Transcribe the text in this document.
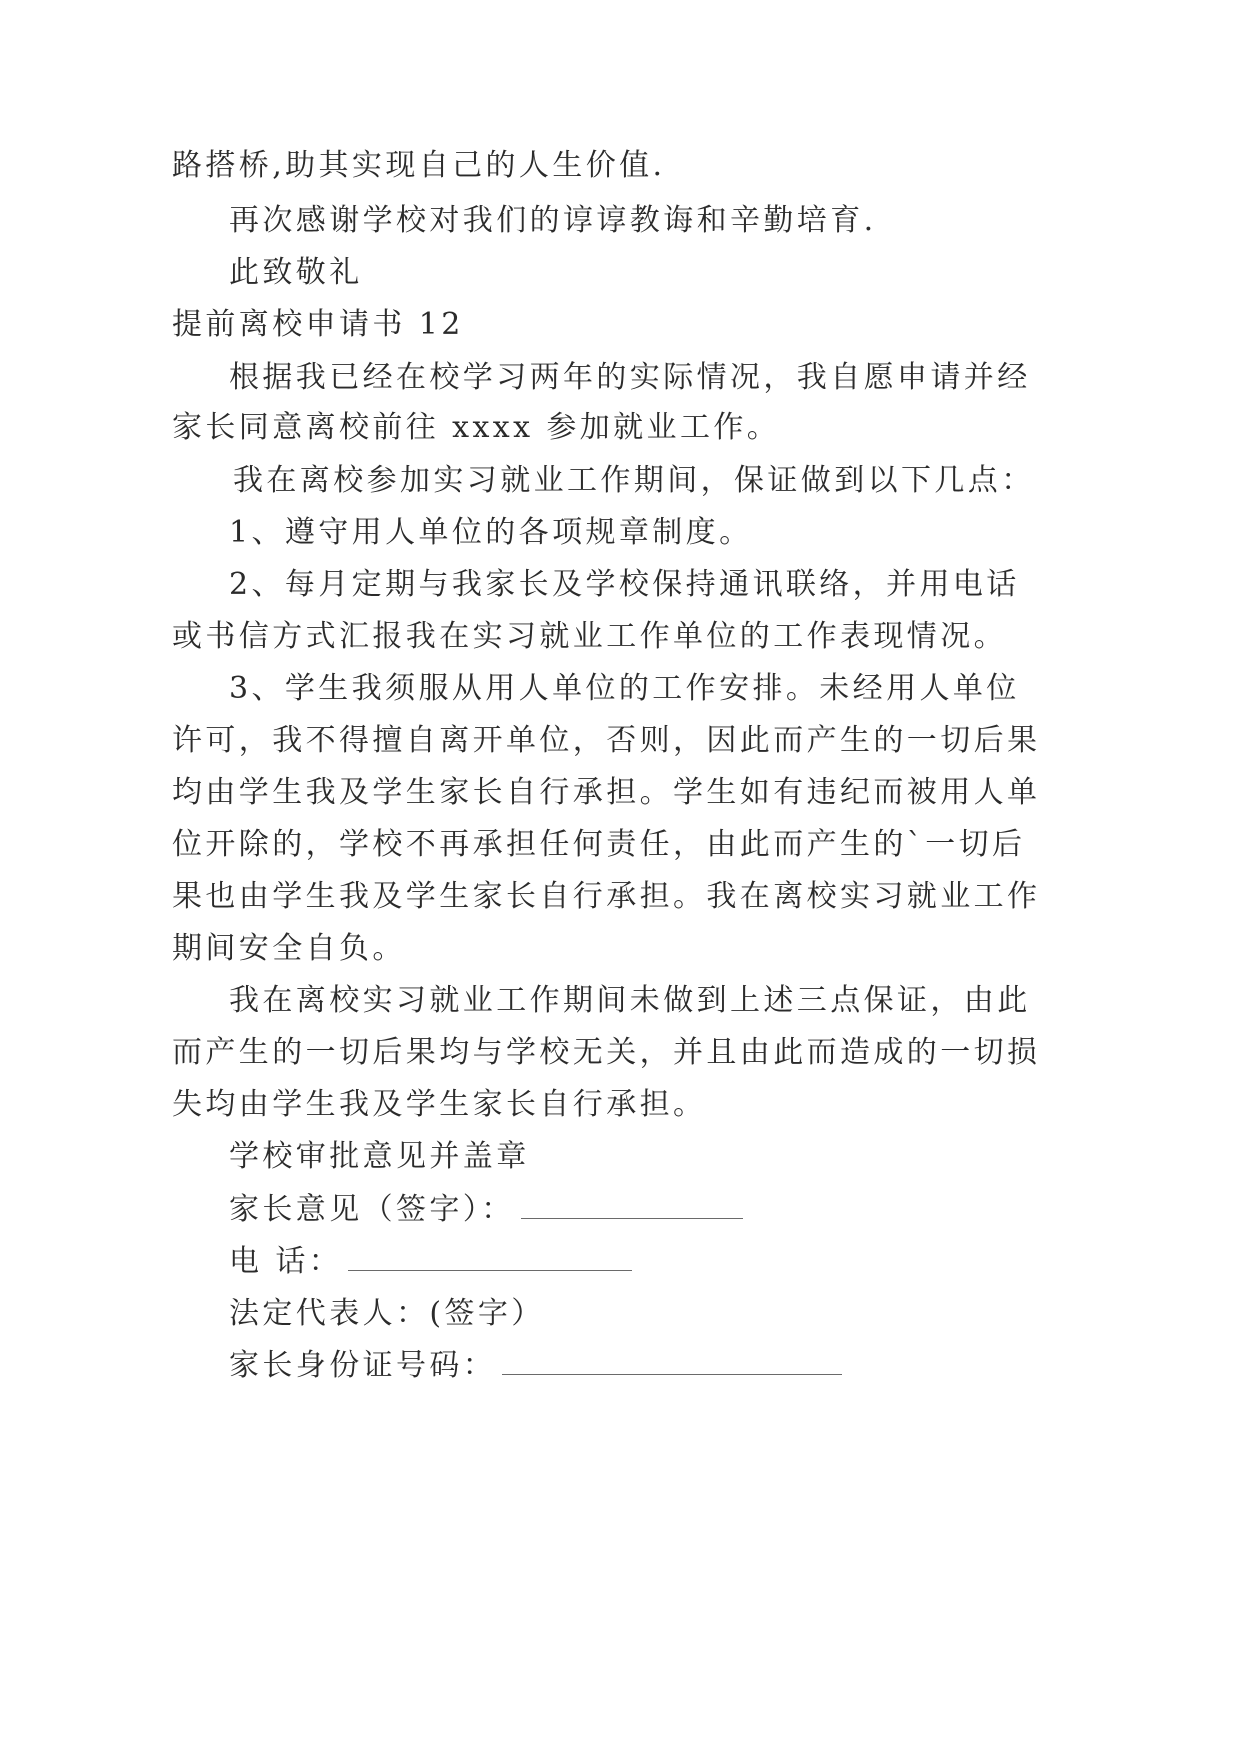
路搭桥,助其实现自己的人生价值.
再次感谢学校对我们的谆谆教诲和辛勤培育.
此致敬礼
提前离校申请书 12
根据我已经在校学习两年的实际情况，我自愿申请并经
家长同意离校前往 xxxx 参加就业工作。
我在离校参加实习就业工作期间，保证做到以下几点：
1、遵守用人单位的各项规章制度。
2、每月定期与我家长及学校保持通讯联络，并用电话
或书信方式汇报我在实习就业工作单位的工作表现情况。
3、学生我须服从用人单位的工作安排。未经用人单位
许可，我不得擅自离开单位，否则，因此而产生的一切后果
均由学生我及学生家长自行承担。学生如有违纪而被用人单
位开除的，学校不再承担任何责任，由此而产生的`一切后
果也由学生我及学生家长自行承担。我在离校实习就业工作
期间安全自负。
我在离校实习就业工作期间未做到上述三点保证，由此
而产生的一切后果均与学校无关，并且由此而造成的一切损
失均由学生我及学生家长自行承担。
学校审批意见并盖章
家长意见（签字）：
电 话：
法定代表人：(签字）
家长身份证号码：
